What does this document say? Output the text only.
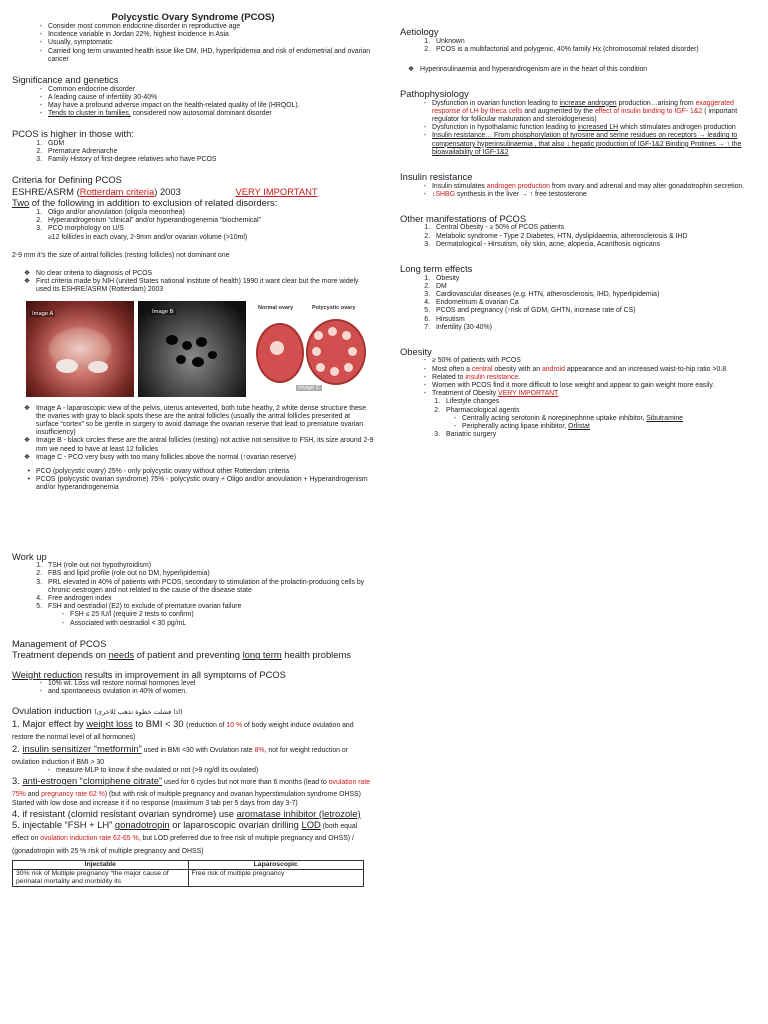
Polycystic Ovary Syndrome (PCOS)
- Consider most common endocrine disorder in reproductive age
- Incidence variable in Jordan 22%, highest incidence in Asia
- Usually, symptomatic
- Carried long term unwanted health issue like DM, IHD, hyperlipidemia and risk of endometrial and ovarian cancer
Significance and genetics
- Common endocrine disorder
- A leading cause of infertility 30-40%
- May have a profound adverse impact on the health-related quality of life (HRQOL).
- Tends to cluster in families, considered now autosomal dominant disorder
PCOS is higher in those with:
1. GDM
2. Premature Adrenarche
3. Family History of first-degree relatives who have PCOS
Criteria for Defining PCOS
ESHRE/ASRM (Rotterdam criteria) 2003	VERY IMPORTANT
Two of the following in addition to exclusion of related disorders:
1. Oligo and/or anovulation (oligo/a menorrhea)
2. Hyperandrogenism “clinical” and/or hyperandrogenemia “biochemical”
3. PCO morphology on U/S
≥12 follicles in each ovary, 2-9mm and/or ovarian volume (>10ml)
2-9 mm it’s the size of antral follicles (resting follicles) not dominant one
❖ No clear criteria to diagnosis of PCOS
❖ First criteria made by NIH (united States national institute of health) 1990 it want clear but the more widely used its ESHRE/ASRM (Rotterdam) 2003
Image A	Image B
Normal ovary	Polycystic ovary
Image C
❖ Image A - laparoscopic view of the pelvis, uterus anteverted, both tube heathy, 2 white dense structure these the ovaries with gray to black spots these are the antral follicles (usually the antral follicles presented at surface “cortex” so be gentle in surgery to avoid damage the ovarian reserve that lead to premature ovarian insufficiency)
❖ Image B - black circles these are the antral follicles (resting) not active not sensitive to FSH, its size around 2-9 mm we need to have at least 12 follicles
❖ Image C - PCO very busy with too many follicles above the normal (↑ovarian reserve)
• PCO (polycystic ovary) 25% - only polycystic ovary without other Rotterdam criteria
• PCOS (polycystic ovarian syndrome) 75% - polycystic ovary + Oligo and/or anovulation + Hyperandrogenism and/or hyperandrogenemia
Work up
1. TSH (role out not hypothyroidism)
2. FBS and lipid profile (role out no DM, hyperlipidemia)
3. PRL elevated in 40% of patients with PCOS, secondary to stimulation of the prolactin-producing cells by chronic oestrogen and not related to the cause of the disease state
4. Free androgen index
5. FSH and oestradiol (E2) to exclude of premature ovarian failure
- FSH ≤ 25 IU/l (require 2 tests to confirm)
- Associated with oestradiol < 30 pg/mL
Management of PCOS
Treatment depends on needs of patient and preventing long term health problems
Weight reduction results in improvement in all symptoms of PCOS
- 10% wt. Loss will restore normal hormones level
- and spontaneous ovulation in 40% of women.
Ovulation induction (اذا فشلت خطوة نذهب للاخرى)
1. Major effect by weight loss to BMI < 30 (reduction of 10 % of body weight induce ovulation and restore the normal level of all hormones)
2. insulin sensitizer “metformin” used in BMI <30 with Ovulation rate 8%, not for weight reduction or ovulation induction if BMI > 30
- measure MLP to know if she ovulated or not (>9 ng/dl its ovulated)
3. anti-estrogen “clomiphene citrate” used for 6 cycles but not more than 6 months (lead to ovulation rate 75% and pregnancy rate 62 %) (but with risk of multiple pregnancy and ovarian hyperstimulation syndrome OHSS)
Started with low dose and increase it if no response (maximum 3 tab per 5 days from day 3-7)
4. if resistant (clomid resistant ovarian syndrome) use aromatase inhibitor (letrozole)
5. injectable “FSH + LH” gonadotropin or laparoscopic ovarian drilling LOD (both equal effect on ovulation induction rate 62-65 %, but LOD preferred due to free risk of multiple pregnancy and OHSS) / (gonadotropin with 25 % risk of multiple pregnancy and OHSS)
Injectable	Laparoscopic
30% risk of Multiple pregnancy “the major cause of perinatal mortality and morbidity its	Free risk of multiple pregnancy
Aetiology
1. Unknown
2. PCOS is a multifactorial and polygenic, 40% family Hx (chromosomal related disorder)
❖ Hyperinsulinaemia and hyperandrogenism are in the heart of this condition
Pathophysiology
- Dysfunction in ovarian function leading to increase androgen production…arising from exaggerated response of LH by theca cells and augmented by the effect of insulin binding to IGF- 1&2 ( important regulator for follicular maturation and steroidogenesis)
- Dysfunction in hypothalamic function leading to increased LH which stimulates androgen production
- Insulin resistance… From phosphorylation of tyrosine and serine residues on receptors → leading to compensatory hyperinsulinaemia , that also ↓ hepatic production of IGF-1&2 Binding Protines → ↑ the bioavailability of IGF-1&2
Insulin resistance
- Insulin stimulates androgen production from ovary and adrenal and may alter gonadotrophin secretion.
- ↓SHBG synthesis in the liver → ↑ free testosterone
Other manifestations of PCOS
1. Central Obesity - ≥ 50% of PCOS patients
2. Metabolic syndrome - Type 2 Diabetes, HTN, dyslipidaemia, atherosclerosis & IHD
3. Dermatological - Hirsutism, oily skin, acne, alopecia, Acanthosis nigricans
Long term effects
1. Obesity
2. DM
3. Cardiovascular diseases (e.g. HTN, atherosclerosis, IHD, hyperlipidemia)
4. Endometrium & ovarian Ca
5. PCOS and pregnancy (↑risk of GDM, GHTN, increase rate of CS)
6. Hirsutism
7. Infertility (30-40%)
Obesity
- ≥ 50% of patients with PCOS
- Most often a central obesity with an android appearance and an increased waist-to-hip ratio >0.8
- Related to insulin resistance.
- Women with PCOS find it more difficult to lose weight and appear to gain weight more easily.
- Treatment of Obesity VERY IMPORTANT
1. Lifestyle changes
2. Pharmacological agents
- Centrally acting serotonin & norepinephrine uptake inhibitor, Sibutramine
- Peripherally acting lipase inhibitor, Orlistat
3. Bariatric surgery
